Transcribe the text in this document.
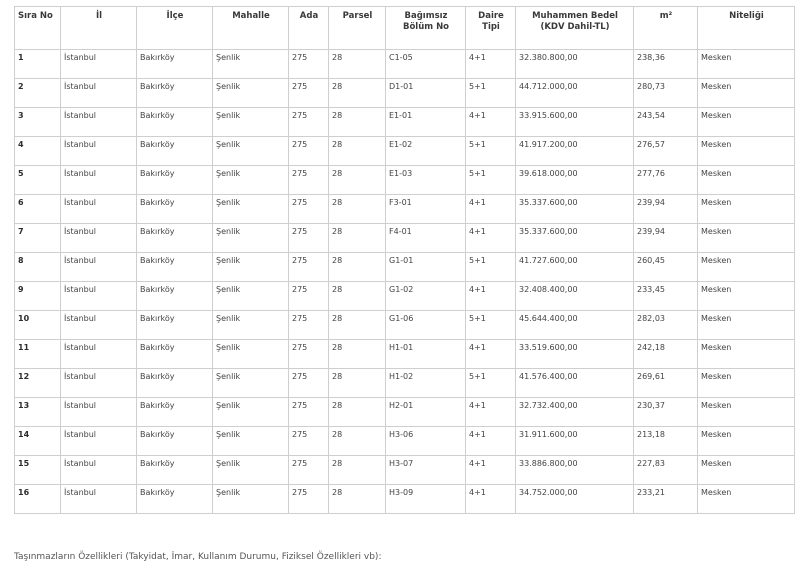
Sıra No	İl	İlçe	Mahalle	Ada	Parsel	Bağımsız Bölüm No	Daire Tipi	Muhammen Bedel (KDV Dahil-TL)	m²	Niteliği
1	İstanbul	Bakırköy	Şenlik	275	28	C1-05	4+1	32.380.800,00	238,36	Mesken
2	İstanbul	Bakırköy	Şenlik	275	28	D1-01	5+1	44.712.000,00	280,73	Mesken
3	İstanbul	Bakırköy	Şenlik	275	28	E1-01	4+1	33.915.600,00	243,54	Mesken
4	İstanbul	Bakırköy	Şenlik	275	28	E1-02	5+1	41.917.200,00	276,57	Mesken
5	İstanbul	Bakırköy	Şenlik	275	28	E1-03	5+1	39.618.000,00	277,76	Mesken
6	İstanbul	Bakırköy	Şenlik	275	28	F3-01	4+1	35.337.600,00	239,94	Mesken
7	İstanbul	Bakırköy	Şenlik	275	28	F4-01	4+1	35.337.600,00	239,94	Mesken
8	İstanbul	Bakırköy	Şenlik	275	28	G1-01	5+1	41.727.600,00	260,45	Mesken
9	İstanbul	Bakırköy	Şenlik	275	28	G1-02	4+1	32.408.400,00	233,45	Mesken
10	İstanbul	Bakırköy	Şenlik	275	28	G1-06	5+1	45.644.400,00	282,03	Mesken
11	İstanbul	Bakırköy	Şenlik	275	28	H1-01	4+1	33.519.600,00	242,18	Mesken
12	İstanbul	Bakırköy	Şenlik	275	28	H1-02	5+1	41.576.400,00	269,61	Mesken
13	İstanbul	Bakırköy	Şenlik	275	28	H2-01	4+1	32.732.400,00	230,37	Mesken
14	İstanbul	Bakırköy	Şenlik	275	28	H3-06	4+1	31.911.600,00	213,18	Mesken
15	İstanbul	Bakırköy	Şenlik	275	28	H3-07	4+1	33.886.800,00	227,83	Mesken
16	İstanbul	Bakırköy	Şenlik	275	28	H3-09	4+1	34.752.000,00	233,21	Mesken
Taşınmazların Özellikleri (Takyidat, İmar, Kullanım Durumu, Fiziksel Özellikleri vb):
